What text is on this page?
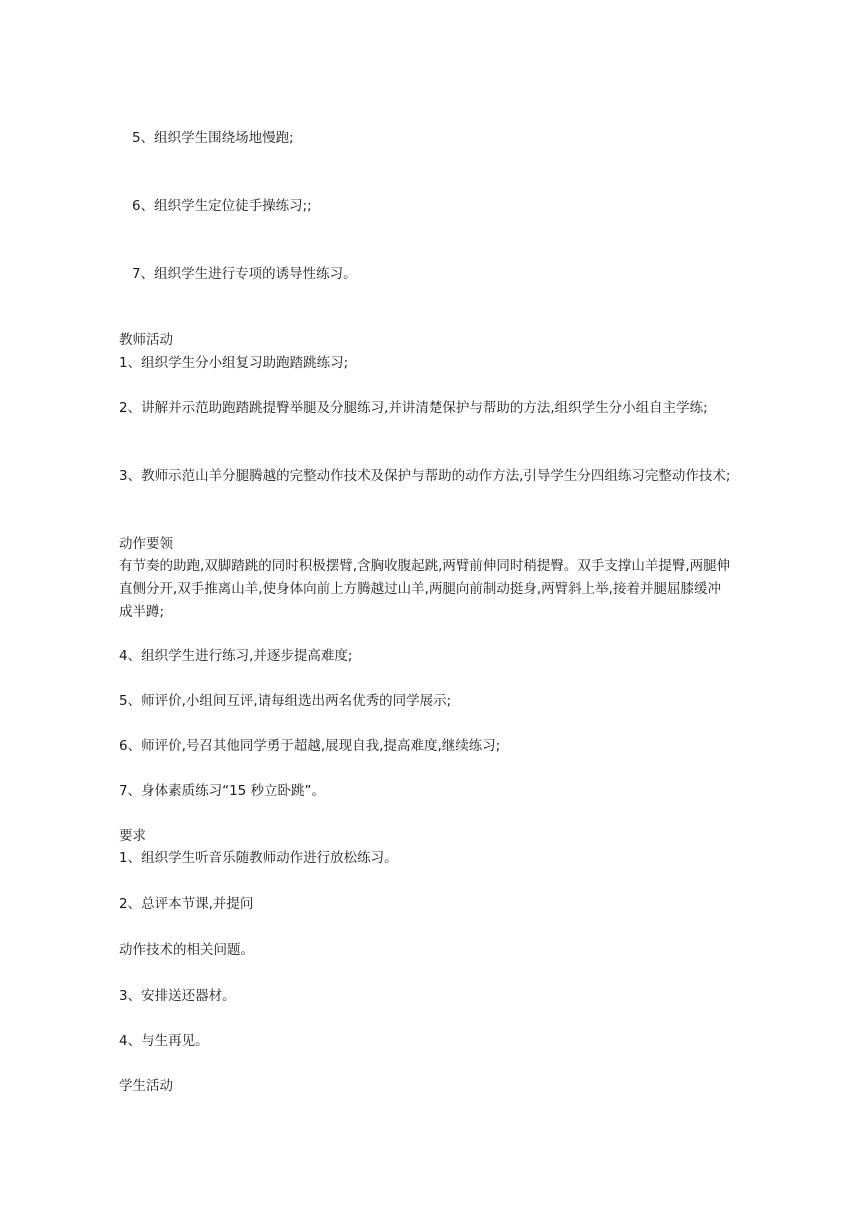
5、组织学生围绕场地慢跑;
6、组织学生定位徒手操练习;;
7、组织学生进行专项的诱导性练习。
教师活动
1、组织学生分小组复习助跑踏跳练习;
2、讲解并示范助跑踏跳提臀举腿及分腿练习,并讲清楚保护与帮助的方法,组织学生分小组自主学练;
3、教师示范山羊分腿腾越的完整动作技术及保护与帮助的动作方法,引导学生分四组练习完整动作技术;
动作要领
有节奏的助跑,双脚踏跳的同时积极摆臂,含胸收腹起跳,两臂前伸同时稍提臀。双手支撑山羊提臀,两腿伸直侧分开,双手推离山羊,使身体向前上方腾越过山羊,两腿向前制动挺身,两臂斜上举,接着并腿屈膝缓冲成半蹲;
4、组织学生进行练习,并逐步提高难度;
5、师评价,小组间互评,请每组选出两名优秀的同学展示;
6、师评价,号召其他同学勇于超越,展现自我,提高难度,继续练习;
7、身体素质练习“15 秒立卧跳”。
要求
1、组织学生听音乐随教师动作进行放松练习。
2、总评本节课,并提问
动作技术的相关问题。
3、安排送还器材。
4、与生再见。
学生活动
